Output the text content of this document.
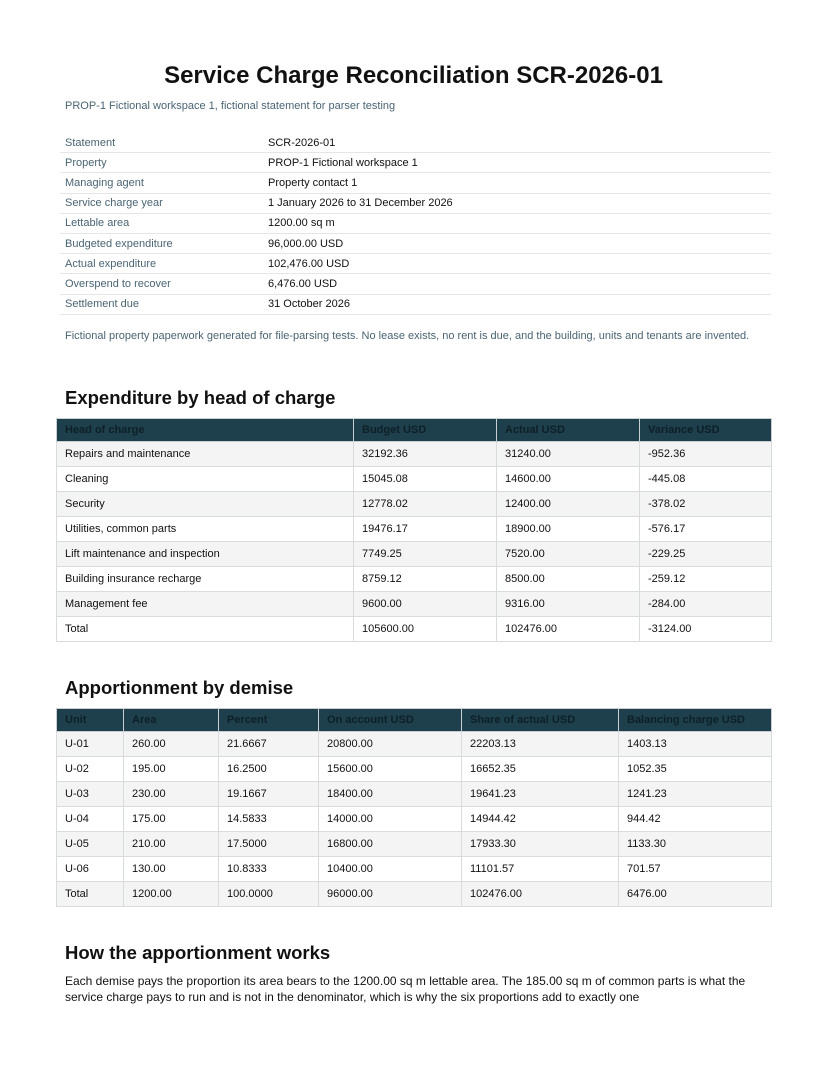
Service Charge Reconciliation SCR-2026-01

PROP-1 Fictional workspace 1, fictional statement for parser testing

Statement	SCR-2026-01
Property	PROP-1 Fictional workspace 1
Managing agent	Property contact 1
Service charge year	1 January 2026 to 31 December 2026
Lettable area	1200.00 sq m
Budgeted expenditure	96,000.00 USD
Actual expenditure	102,476.00 USD
Overspend to recover	6,476.00 USD
Settlement due	31 October 2026

Fictional property paperwork generated for file-parsing tests. No lease exists, no rent is due, and the building, units and tenants are invented.

Expenditure by head of charge
Head of charge	Budget USD	Actual USD	Variance USD
Repairs and maintenance	32192.36	31240.00	-952.36
Cleaning	15045.08	14600.00	-445.08
Security	12778.02	12400.00	-378.02
Utilities, common parts	19476.17	18900.00	-576.17
Lift maintenance and inspection	7749.25	7520.00	-229.25
Building insurance recharge	8759.12	8500.00	-259.12
Management fee	9600.00	9316.00	-284.00
Total	105600.00	102476.00	-3124.00
Apportionment by demise
Unit	Area	Percent	On account USD	Share of actual USD	Balancing charge USD
U-01	260.00	21.6667	20800.00	22203.13	1403.13
U-02	195.00	16.2500	15600.00	16652.35	1052.35
U-03	230.00	19.1667	18400.00	19641.23	1241.23
U-04	175.00	14.5833	14000.00	14944.42	944.42
U-05	210.00	17.5000	16800.00	17933.30	1133.30
U-06	130.00	10.8333	10400.00	11101.57	701.57
Total	1200.00	100.0000	96000.00	102476.00	6476.00
How the apportionment works

Each demise pays the proportion its area bears to the 1200.00 sq m lettable area. The 185.00 sq m of common parts is what the service charge pays to run and is not in the denominator, which is why the six proportions add to exactly one
